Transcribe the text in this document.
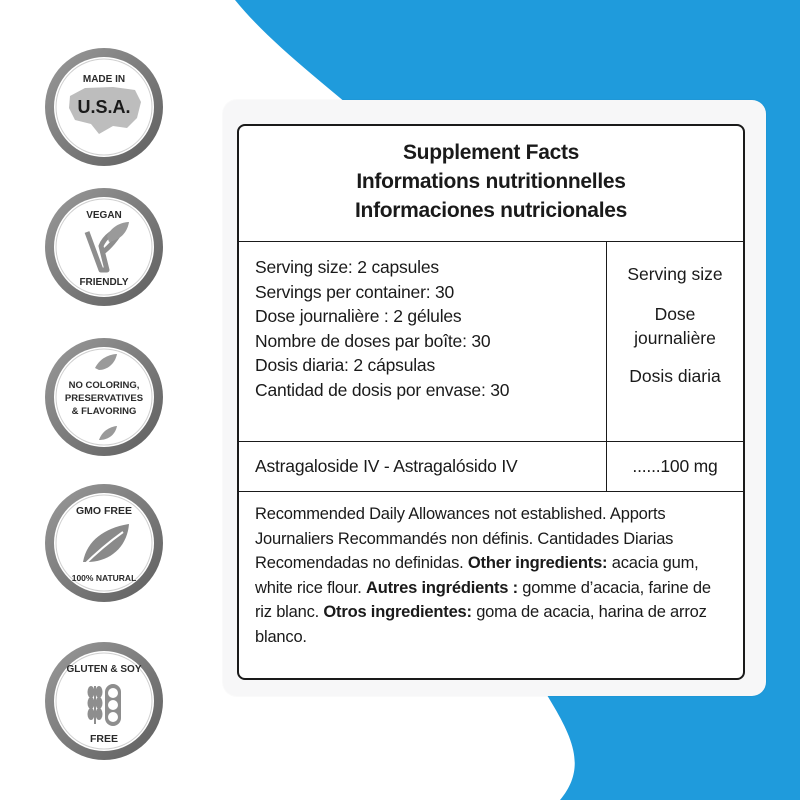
Supplement Facts
Informations nutritionnelles
Informaciones nutricionales
Serving size: 2 capsules
Servings per container: 30
Dose journalière : 2 gélules
Nombre de doses par boîte: 30
Dosis diaria: 2 cápsulas
Cantidad de dosis por envase: 30
Serving size
Dose
journalière
Dosis diaria
Astragaloside IV - Astragalósido IV	......100 mg
Recommended Daily Allowances not established. Apports Journaliers Recommandés non définis. Cantidades Diarias Recomendadas no definidas. Other ingredients: acacia gum, white rice flour. Autres ingrédients : gomme d’acacia, farine de riz blanc. Otros ingredientes: goma de acacia, harina de arroz blanco.
MADE IN
U.S.A.
VEGAN
FRIENDLY
NO COLORING,
PRESERVATIVES
& FLAVORING
GMO FREE
100% NATURAL
GLUTEN & SOY
FREE
